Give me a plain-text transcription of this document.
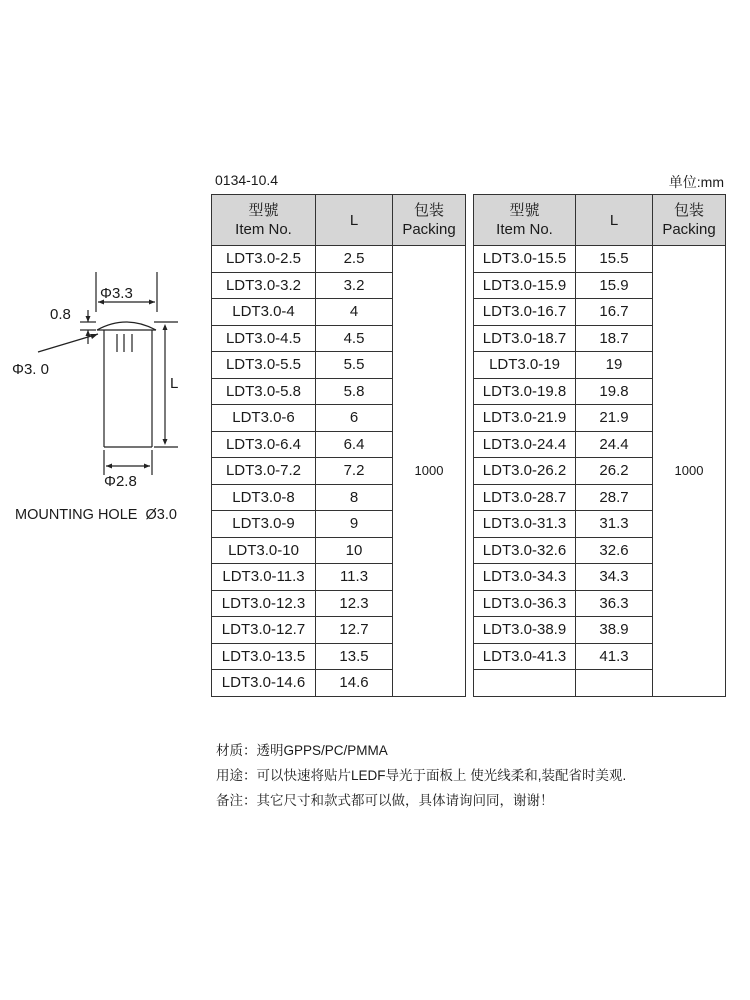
0134-10.4	单位:mm
Φ3.3
0.8
Φ3. 0
L
Φ2.8
MOUNTING HOLE Ø3.0
型號
Item No.	L	包装
Packing
LDT3.0-2.5	2.5	1000
LDT3.0-3.2	3.2	
LDT3.0-4	4	
LDT3.0-4.5	4.5	
LDT3.0-5.5	5.5	
LDT3.0-5.8	5.8	
LDT3.0-6	6	
LDT3.0-6.4	6.4	
LDT3.0-7.2	7.2	
LDT3.0-8	8	
LDT3.0-9	9	
LDT3.0-10	10	
LDT3.0-11.3	11.3	
LDT3.0-12.3	12.3	
LDT3.0-12.7	12.7	
LDT3.0-13.5	13.5	
LDT3.0-14.6	14.6	
型號
Item No.	L	包装
Packing
LDT3.0-15.5	15.5	1000
LDT3.0-15.9	15.9	
LDT3.0-16.7	16.7	
LDT3.0-18.7	18.7	
LDT3.0-19	19	
LDT3.0-19.8	19.8	
LDT3.0-21.9	21.9	
LDT3.0-24.4	24.4	
LDT3.0-26.2	26.2	
LDT3.0-28.7	28.7	
LDT3.0-31.3	31.3	
LDT3.0-32.6	32.6	
LDT3.0-34.3	34.3	
LDT3.0-36.3	36.3	
LDT3.0-38.9	38.9	
LDT3.0-41.3	41.3	

材质：透明GPPS/PC/PMMA
用途：可以快速将贴片LEDF导光于面板上 使光线柔和,装配省时美观.
备注：其它尺寸和款式都可以做，具体请询问同，谢谢！
